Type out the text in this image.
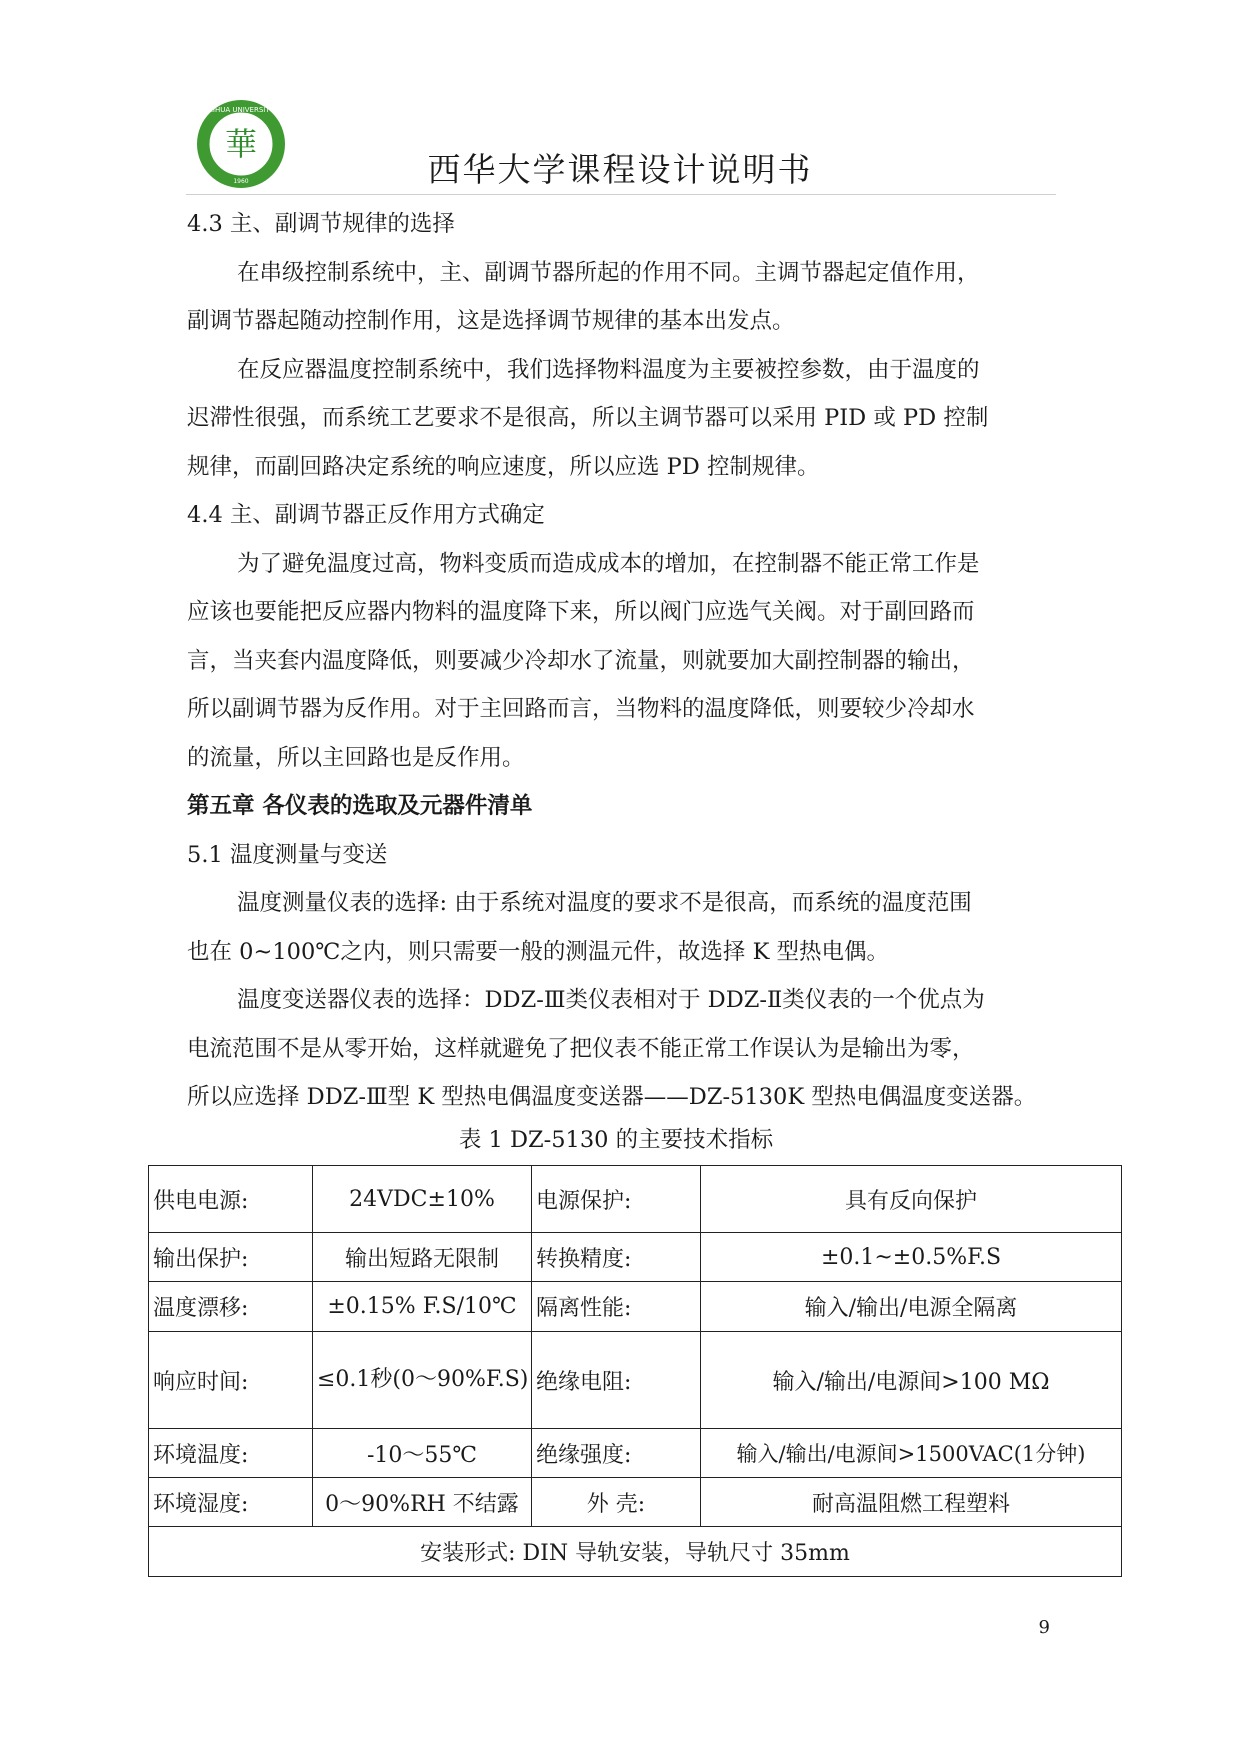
華
XIHUA UNIVERSITY
1960	西华大学课程设计说明书
4.3 主、副调节规律的选择
在串级控制系统中，主、副调节器所起的作用不同。主调节器起定值作用，
副调节器起随动控制作用，这是选择调节规律的基本出发点。
在反应器温度控制系统中，我们选择物料温度为主要被控参数，由于温度的
迟滞性很强，而系统工艺要求不是很高，所以主调节器可以采用 PID 或 PD 控制
规律，而副回路决定系统的响应速度，所以应选 PD 控制规律。
4.4 主、副调节器正反作用方式确定
为了避免温度过高，物料变质而造成成本的增加，在控制器不能正常工作是
应该也要能把反应器内物料的温度降下来，所以阀门应选气关阀。对于副回路而
言，当夹套内温度降低，则要减少冷却水了流量，则就要加大副控制器的输出，
所以副调节器为反作用。对于主回路而言，当物料的温度降低，则要较少冷却水
的流量，所以主回路也是反作用。
第五章 各仪表的选取及元器件清单
5.1 温度测量与变送
温度测量仪表的选择: 由于系统对温度的要求不是很高，而系统的温度范围
也在 0~100℃之内，则只需要一般的测温元件，故选择 K 型热电偶。
温度变送器仪表的选择：DDZ-Ⅲ类仪表相对于 DDZ-Ⅱ类仪表的一个优点为
电流范围不是从零开始，这样就避免了把仪表不能正常工作误认为是输出为零，
所以应选择 DDZ-Ⅲ型 K 型热电偶温度变送器——DZ-5130K 型热电偶温度变送器。
表 1 DZ-5130 的主要技术指标
供电电源:	24VDC±10%	电源保护:	具有反向保护
输出保护:	输出短路无限制	转换精度:	±0.1~±0.5%F.S
温度漂移:	±0.15% F.S/10℃	隔离性能:	输入/输出/电源全隔离
响应时间:	≤0.1秒(0～90%F.S)	绝缘电阻:	输入/输出/电源间>100 MΩ
环境温度:	-10～55℃	绝缘强度:	输入/输出/电源间>1500VAC(1分钟)
环境湿度:	0～90%RH 不结露	外 壳:	耐高温阻燃工程塑料
安装形式: DIN 导轨安装，导轨尺寸 35mm			
9
